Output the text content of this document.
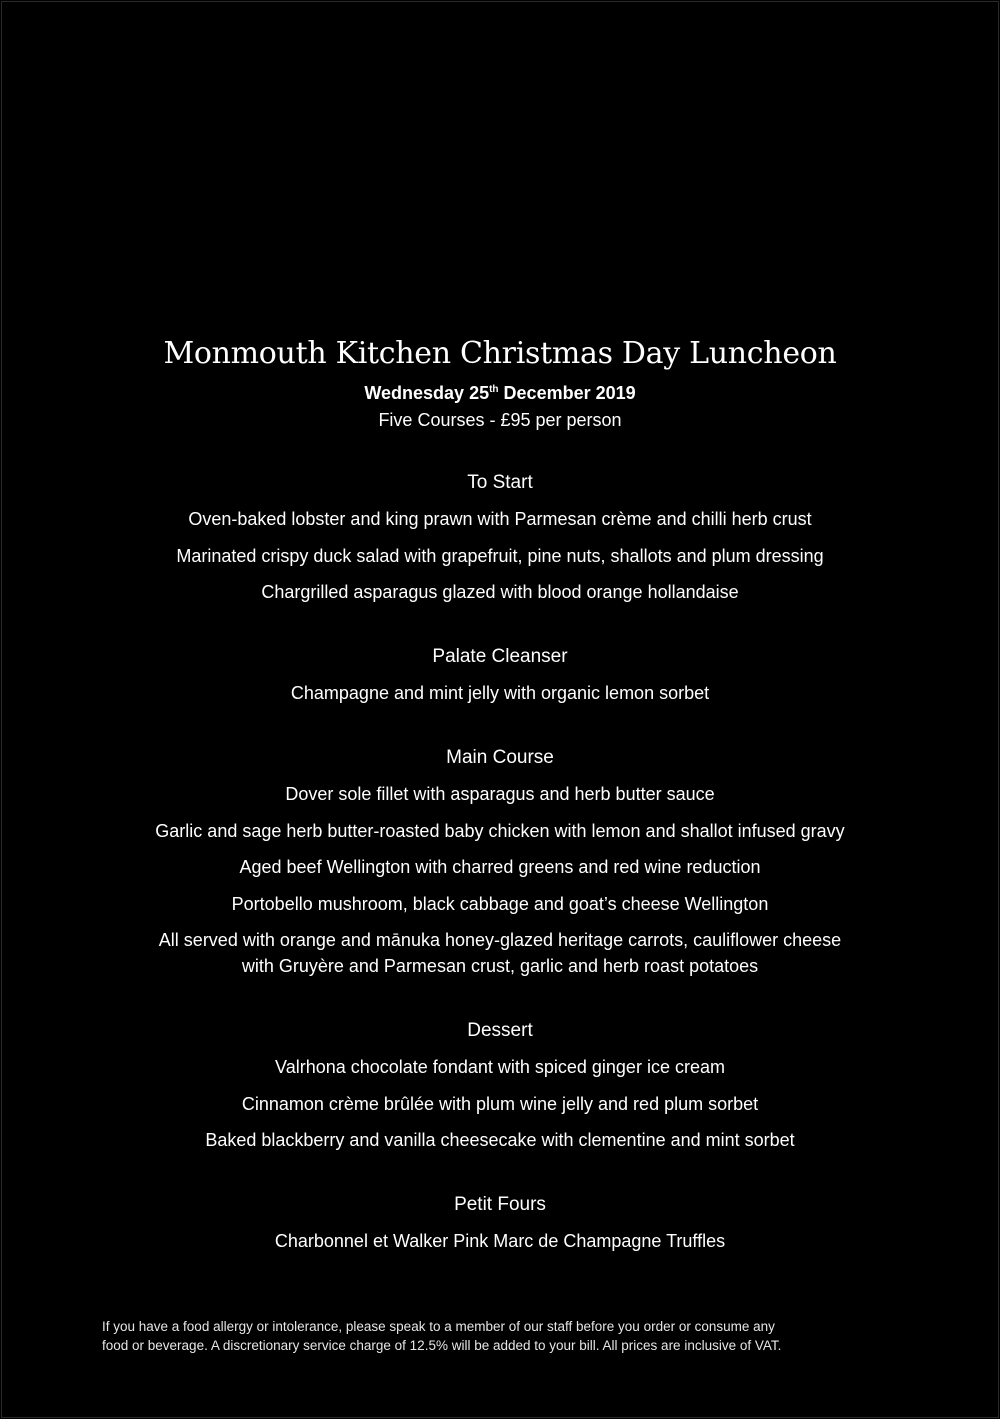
Monmouth Kitchen Christmas Day Luncheon
Wednesday 25th December 2019
Five Courses - £95 per person
To Start
Oven-baked lobster and king prawn with Parmesan crème and chilli herb crust
Marinated crispy duck salad with grapefruit, pine nuts, shallots and plum dressing
Chargrilled asparagus glazed with blood orange hollandaise
Palate Cleanser
Champagne and mint jelly with organic lemon sorbet
Main Course
Dover sole fillet with asparagus and herb butter sauce
Garlic and sage herb butter-roasted baby chicken with lemon and shallot infused gravy
Aged beef Wellington with charred greens and red wine reduction
Portobello mushroom, black cabbage and goat’s cheese Wellington
All served with orange and mānuka honey-glazed heritage carrots, cauliflower cheese with Gruyère and Parmesan crust, garlic and herb roast potatoes
Dessert
Valrhona chocolate fondant with spiced ginger ice cream
Cinnamon crème brûlée with plum wine jelly and red plum sorbet
Baked blackberry and vanilla cheesecake with clementine and mint sorbet
Petit Fours
Charbonnel et Walker Pink Marc de Champagne Truffles
If you have a food allergy or intolerance, please speak to a member of our staff before you order or consume any
food or beverage. A discretionary service charge of 12.5% will be added to your bill. All prices are inclusive of VAT.
